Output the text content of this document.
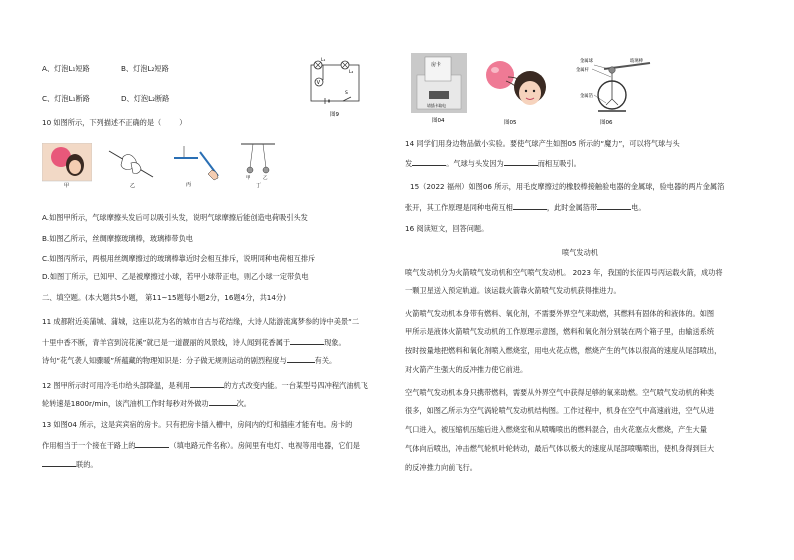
A、灯泡L₁短路	B、灯泡L₂短路
C、灯泡L₁断路	D、灯泡L₂断路
V
L₁
L₂
S
图9
10 如图所示，下列描述不正确的是（	）
甲	乙	丙
甲	乙
丁
A.如图甲所示，气球摩擦头发后可以吸引头发，说明气球摩擦后能创造电荷吸引头发
B.如图乙所示，丝绸摩擦玻璃棒，玻璃棒带负电
C.如图丙所示，两根用丝绸摩擦过的玻璃棒靠近时会相互排斥，说明同种电荷相互排斥
D.如图丁所示，已知甲、乙是被摩擦过小球，若甲小球带正电，则乙小球一定带负电
二、填空题。(本大题共5小题， 第11~15题每小题2分，16题4分，共14分)
11 成都附近美蒲城、蒲城，这座以花为名的城市自古与花结缘，大诗人陆游流寓梦参的诗中美景“二
十里中香不断，青羊宫到浣花溪”就已是一道靓丽的风景线，诗人闻到花香属于	现象。
诗句“花气袭人知骤暖”所蕴藏的物理知识是：分子做无规则运动的剧烈程度与	有关。
12 图甲所示时可用冷毛巾给头部降温，是利用	的方式改变内能。一台某型号四冲程汽油机飞
轮转速是1800r/min，该汽油机工作时每秒对外做功	次。
13 如图04 所示，这是宾宾宿的房卡。只有把房卡插入槽中，房间内的灯和插座才能有电。房卡的
作用相当于一个接在干路上的	（填电路元件名称）。房间里有电灯、电视等用电器，它们是
联的。
房卡
请插卡取电
图04	图05
金属球
金属杆
金属箔
玻璃棒
图06
14 同学们用身边物品做小实验。要使气球产生如图05 所示的“魔力”，可以将气球与头
发	。气球与头发因为	而相互吸引。
15（2022 福州）如图06 所示，用毛皮摩擦过的橡胶棒接触验电器的金属球，验电器的两片金属箔
张开，其工作原理是同种电荷互相	，此时金属箔带	电。
16 阅读短文，回答问题。
喷气发动机
喷气发动机分为火箭喷气发动机和空气喷气发动机。 2023 年，我国的长征四号丙运载火箭，成功将
一颗卫星送入预定轨道。该运载火箭靠火箭喷气发动机获得推进力。
火箭喷气发动机本身带有燃料、氧化剂，不需要外界空气来助燃，其燃料有固体的和液体的。如图
甲所示是液体火箭喷气发动机的工作原理示意图，燃料和氧化剂分别装在两个箱子里，由输送系统
按时按量地把燃料和氧化剂喷入燃烧室，用电火花点燃，燃烧产生的气体以很高的速度从尾部喷出，
对火箭产生强大的反冲推力使它前进。
空气喷气发动机本身只携带燃料，需要从外界空气中获得足够的氧来助燃。空气喷气发动机的种类
很多，如图乙所示为空气涡轮喷气发动机结构图。工作过程中，机身在空气中高速前进，空气从进
气口进入，被压缩机压缩后进入燃烧室和从喷嘴喷出的燃料混合，由火花塞点火燃烧，产生大量
气体向后喷出，冲击燃气轮机叶轮转动，最后气体以极大的速度从尾部喷嘴喷出，使机身得到巨大
的反冲推力向前飞行。
